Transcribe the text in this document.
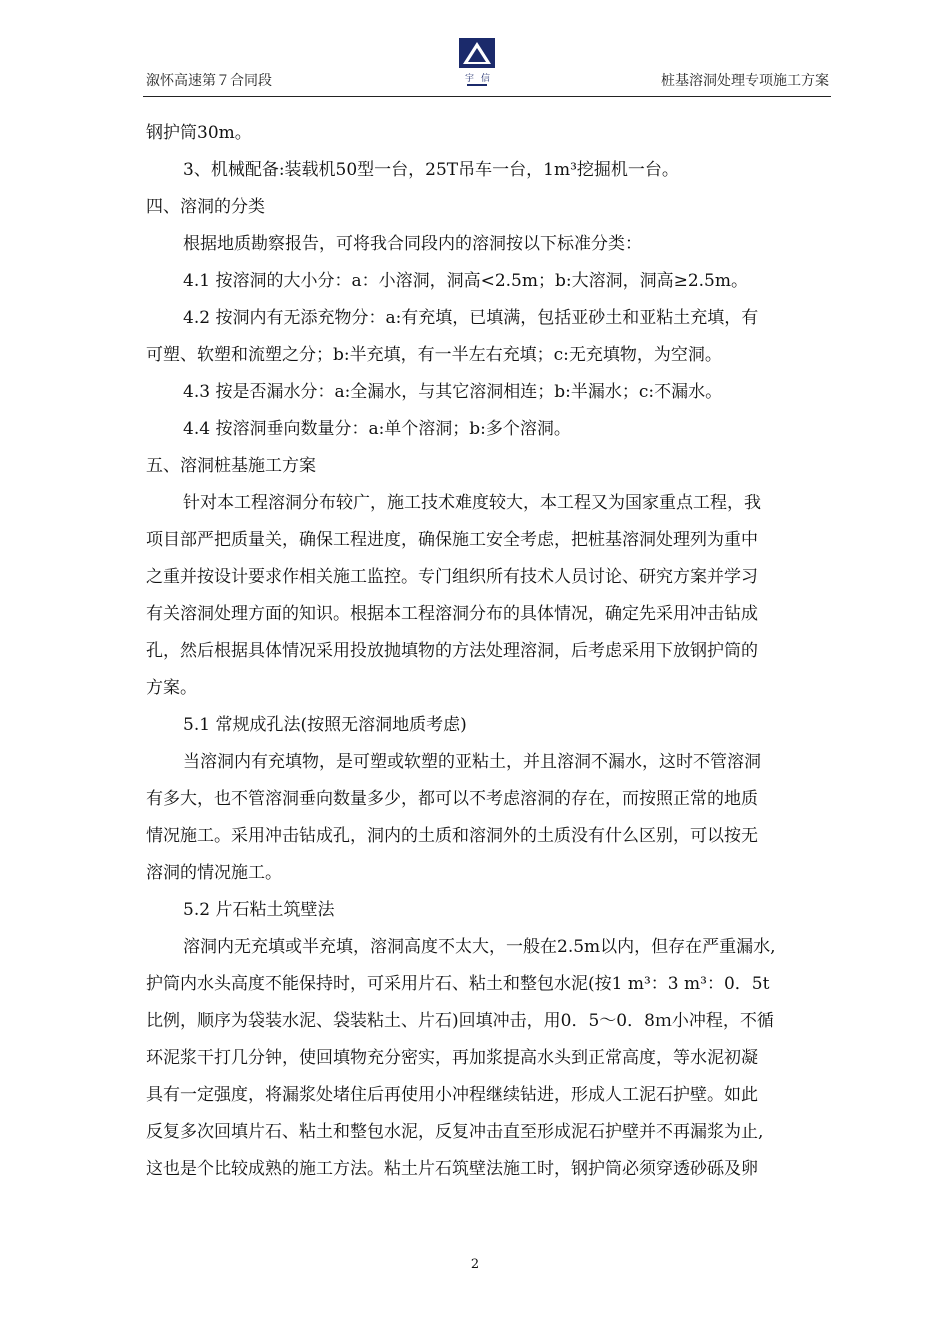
溆怀高速第７合同段	宇 信	桩基溶洞处理专项施工方案

钢护筒30m。

3、机械配备:装载机50型一台，25T吊车一台，1m³挖掘机一台。

四、溶洞的分类

根据地质勘察报告，可将我合同段内的溶洞按以下标准分类：

4.1 按溶洞的大小分：a：小溶洞，洞高<2.5m；b:大溶洞，洞高≥2.5m。

4.2 按洞内有无添充物分：a:有充填，已填满，包括亚砂土和亚粘土充填，有

可塑、软塑和流塑之分；b:半充填，有一半左右充填；c:无充填物，为空洞。

4.3 按是否漏水分：a:全漏水，与其它溶洞相连；b:半漏水；c:不漏水。

4.4 按溶洞垂向数量分：a:单个溶洞；b:多个溶洞。

五、溶洞桩基施工方案

针对本工程溶洞分布较广，施工技术难度较大，本工程又为国家重点工程，我

项目部严把质量关，确保工程进度，确保施工安全考虑，把桩基溶洞处理列为重中

之重并按设计要求作相关施工监控。专门组织所有技术人员讨论、研究方案并学习

有关溶洞处理方面的知识。根据本工程溶洞分布的具体情况，确定先采用冲击钻成

孔，然后根据具体情况采用投放抛填物的方法处理溶洞，后考虑采用下放钢护筒的

方案。

5.1 常规成孔法(按照无溶洞地质考虑)

当溶洞内有充填物，是可塑或软塑的亚粘土，并且溶洞不漏水，这时不管溶洞

有多大，也不管溶洞垂向数量多少，都可以不考虑溶洞的存在，而按照正常的地质

情况施工。采用冲击钻成孔，洞内的土质和溶洞外的土质没有什么区别，可以按无

溶洞的情况施工。

5.2 片石粘土筑壁法

溶洞内无充填或半充填，溶洞高度不太大，一般在2.5m以内，但存在严重漏水,

护筒内水头高度不能保持时，可采用片石、粘土和整包水泥(按1 m³：3 m³：0．5t

比例，顺序为袋装水泥、袋装粘土、片石)回填冲击，用0．5～0．8ｍ小冲程，不循

环泥浆干打几分钟，使回填物充分密实，再加浆提高水头到正常高度，等水泥初凝

具有一定强度，将漏浆处堵住后再使用小冲程继续钻进，形成人工泥石护壁。如此

反复多次回填片石、粘土和整包水泥，反复冲击直至形成泥石护壁并不再漏浆为止,

这也是个比较成熟的施工方法。粘土片石筑壁法施工时，钢护筒必须穿透砂砾及卵

2
